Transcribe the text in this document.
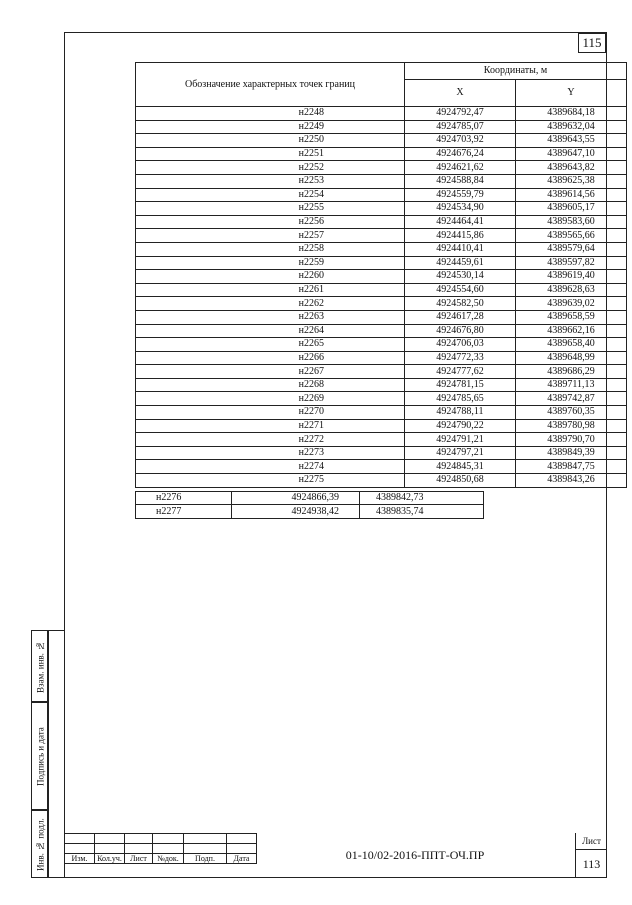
115
Взам. инв. №
Подпись и дата
Инв. № подл.
Обозначение характерных точек границ	Координаты, м	
	X	Y
н2248	4924792,47	4389684,18
н2249	4924785,07	4389632,04
н2250	4924703,92	4389643,55
н2251	4924676,24	4389647,10
н2252	4924621,62	4389643,82
н2253	4924588,84	4389625,38
н2254	4924559,79	4389614,56
н2255	4924534,90	4389605,17
н2256	4924464,41	4389583,60
н2257	4924415,86	4389565,66
н2258	4924410,41	4389579,64
н2259	4924459,61	4389597,82
н2260	4924530,14	4389619,40
н2261	4924554,60	4389628,63
н2262	4924582,50	4389639,02
н2263	4924617,28	4389658,59
н2264	4924676,80	4389662,16
н2265	4924706,03	4389658,40
н2266	4924772,33	4389648,99
н2267	4924777,62	4389686,29
н2268	4924781,15	4389711,13
н2269	4924785,65	4389742,87
н2270	4924788,11	4389760,35
н2271	4924790,22	4389780,98
н2272	4924791,21	4389790,70
н2273	4924797,21	4389849,39
н2274	4924845,31	4389847,75
н2275	4924850,68	4389843,26
н2276	4924866,39	4389842,73
н2277	4924938,42	4389835,74

Изм.	Кол.уч.	Лист	№док.	Подп.	Дата	01-10/02-2016-ППТ-ОЧ.ПР
Лист
113
